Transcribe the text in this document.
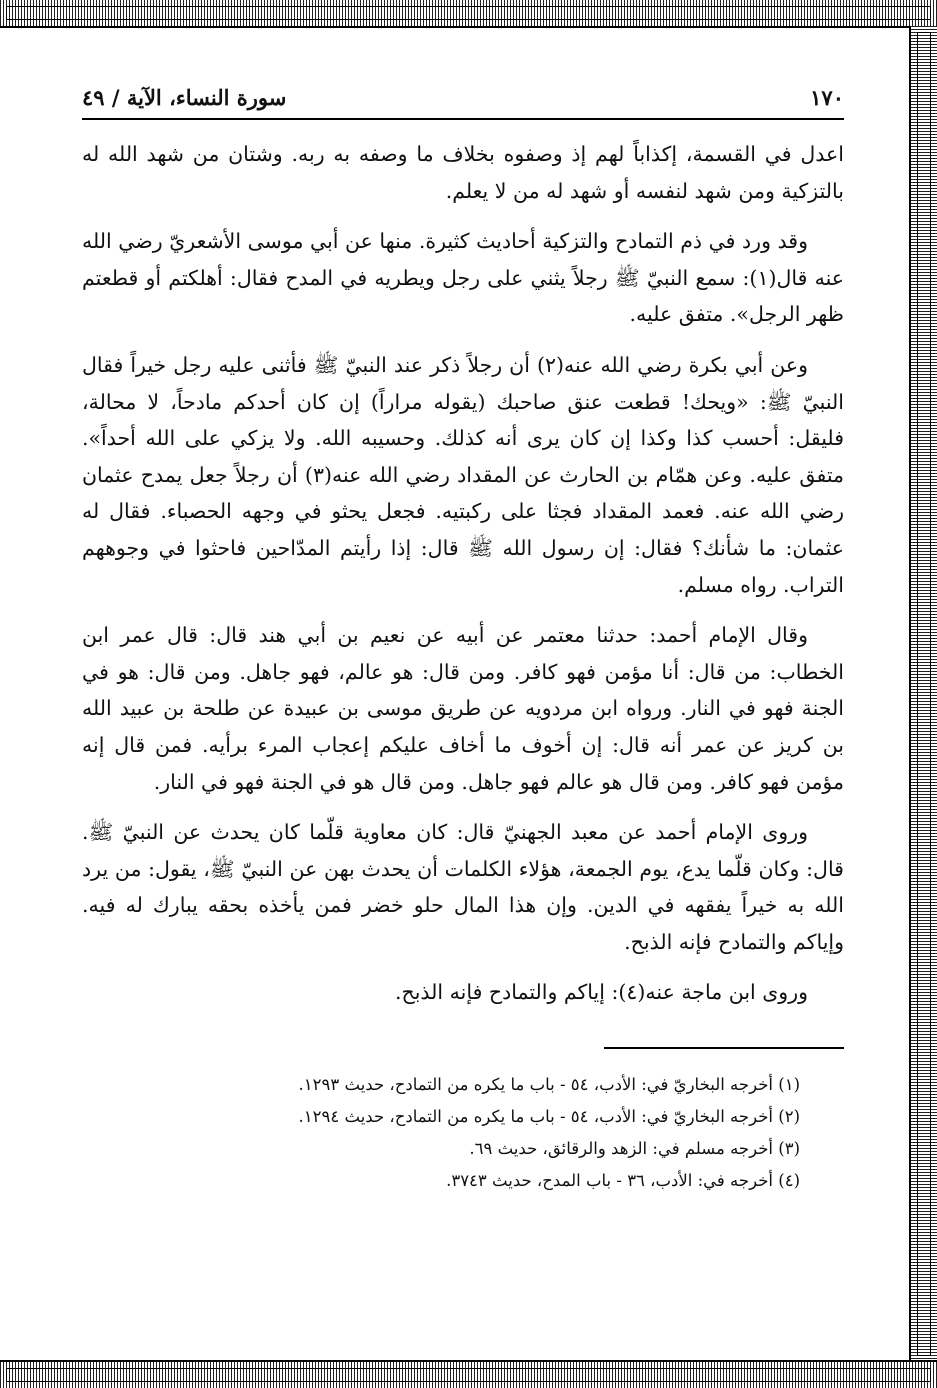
١٧٠
سورة النساء، الآية / ٤٩

اعدل في القسمة، إكذاباً لهم إذ وصفوه بخلاف ما وصفه به ربه. وشتان من شهد الله له بالتزكية ومن شهد لنفسه أو شهد له من لا يعلم.

وقد ورد في ذم التمادح والتزكية أحاديث كثيرة. منها عن أبي موسى الأشعريّ رضي الله عنه قال(١): سمع النبيّ ﷺ رجلاً يثني على رجل ويطريه في المدح فقال: أهلكتم أو قطعتم ظهر الرجل». متفق عليه.

وعن أبي بكرة رضي الله عنه(٢) أن رجلاً ذكر عند النبيّ ﷺ فأثنى عليه رجل خيراً فقال النبيّ ﷺ: «ويحك! قطعت عنق صاحبك (يقوله مراراً) إن كان أحدكم مادحاً، لا محالة، فليقل: أحسب كذا وكذا إن كان يرى أنه كذلك. وحسيبه الله. ولا يزكي على الله أحداً». متفق عليه. وعن همّام بن الحارث عن المقداد رضي الله عنه(٣) أن رجلاً جعل يمدح عثمان رضي الله عنه. فعمد المقداد فجثا على ركبتيه. فجعل يحثو في وجهه الحصباء. فقال له عثمان: ما شأنك؟ فقال: إن رسول الله ﷺ قال: إذا رأيتم المدّاحين فاحثوا في وجوههم التراب. رواه مسلم.

وقال الإمام أحمد: حدثنا معتمر عن أبيه عن نعيم بن أبي هند قال: قال عمر ابن الخطاب: من قال: أنا مؤمن فهو كافر. ومن قال: هو عالم، فهو جاهل. ومن قال: هو في الجنة فهو في النار. ورواه ابن مردويه عن طريق موسى بن عبيدة عن طلحة بن عبيد الله بن كريز عن عمر أنه قال: إن أخوف ما أخاف عليكم إعجاب المرء برأيه. فمن قال إنه مؤمن فهو كافر. ومن قال هو عالم فهو جاهل. ومن قال هو في الجنة فهو في النار.

وروى الإمام أحمد عن معبد الجهنيّ قال: كان معاوية قلّما كان يحدث عن النبيّ ﷺ. قال: وكان قلّما يدع، يوم الجمعة، هؤلاء الكلمات أن يحدث بهن عن النبيّ ﷺ، يقول: من يرد الله به خيراً يفقهه في الدين. وإن هذا المال حلو خضر فمن يأخذه بحقه يبارك له فيه. وإياكم والتمادح فإنه الذبح.

وروى ابن ماجة عنه(٤): إياكم والتمادح فإنه الذبح.

(١) أخرجه البخاريّ في: الأدب، ٥٤ - باب ما يكره من التمادح، حديث ١٢٩٣.
(٢) أخرجه البخاريّ في: الأدب، ٥٤ - باب ما يكره من التمادح، حديث ١٢٩٤.
(٣) أخرجه مسلم في: الزهد والرقائق، حديث ٦٩.
(٤) أخرجه في: الأدب، ٣٦ - باب المدح، حديث ٣٧٤٣.
